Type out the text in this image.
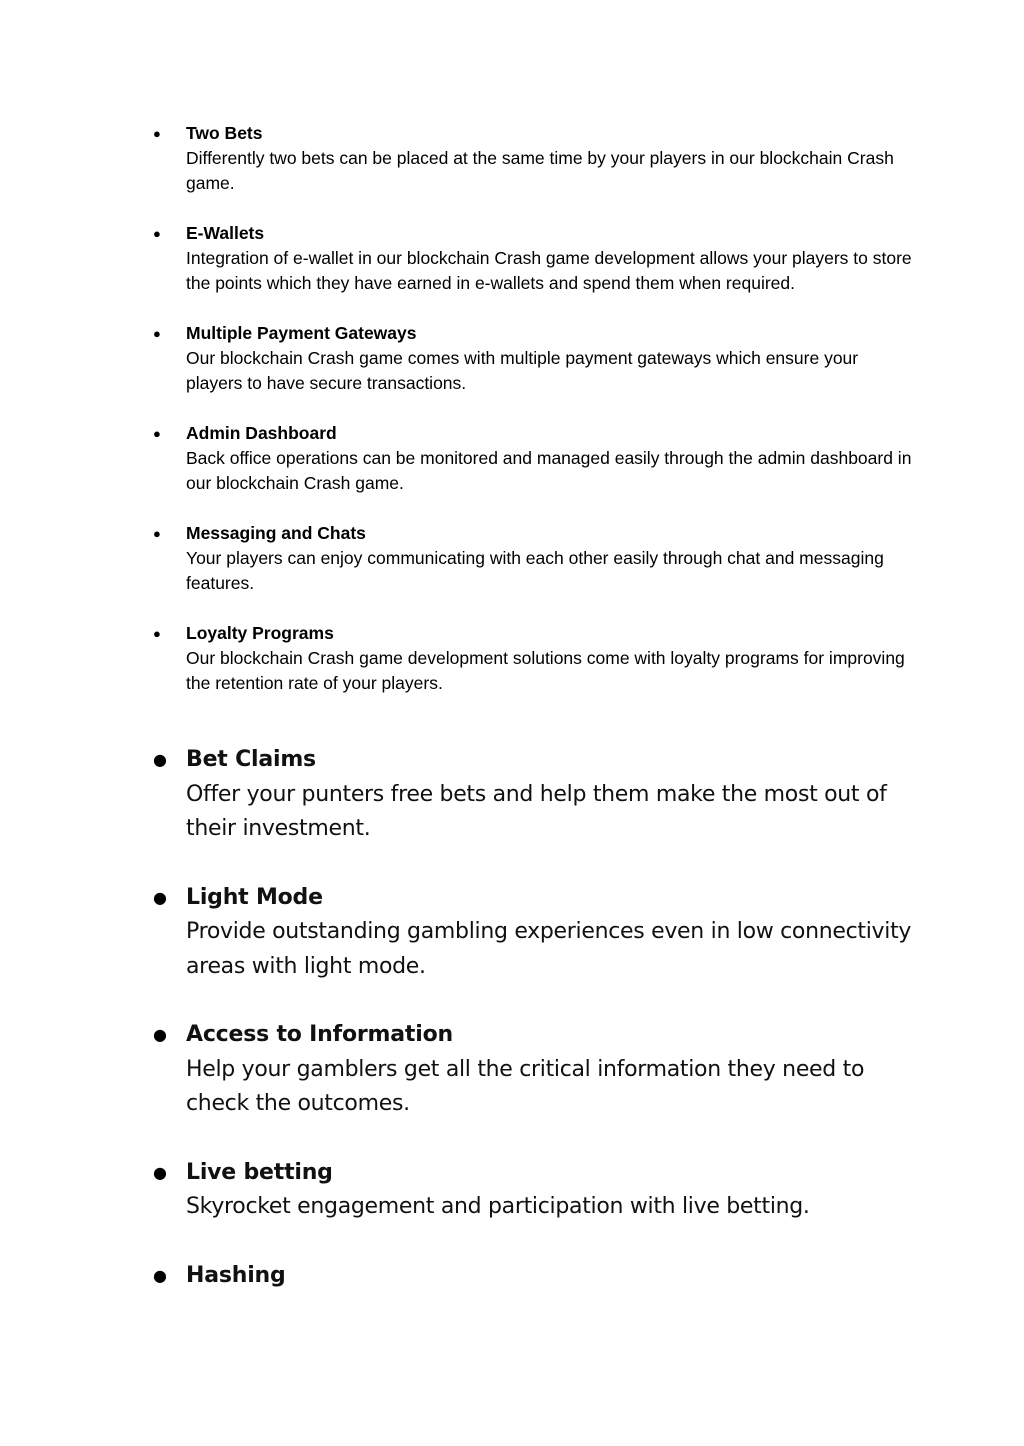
● Two Bets
Differently two bets can be placed at the same time by your players in our blockchain Crash game.
● E-Wallets
Integration of e-wallet in our blockchain Crash game development allows your players to store the points which they have earned in e-wallets and spend them when required.
● Multiple Payment Gateways
Our blockchain Crash game comes with multiple payment gateways which ensure your players to have secure transactions.
● Admin Dashboard
Back office operations can be monitored and managed easily through the admin dashboard in our blockchain Crash game.
● Messaging and Chats
Your players can enjoy communicating with each other easily through chat and messaging features.
● Loyalty Programs
Our blockchain Crash game development solutions come with loyalty programs for improving the retention rate of your players.
● Bet Claims
Offer your punters free bets and help them make the most out of their investment.
● Light Mode
Provide outstanding gambling experiences even in low connectivity areas with light mode.
● Access to Information
Help your gamblers get all the critical information they need to check the outcomes.
● Live betting
Skyrocket engagement and participation with live betting.
● Hashing
